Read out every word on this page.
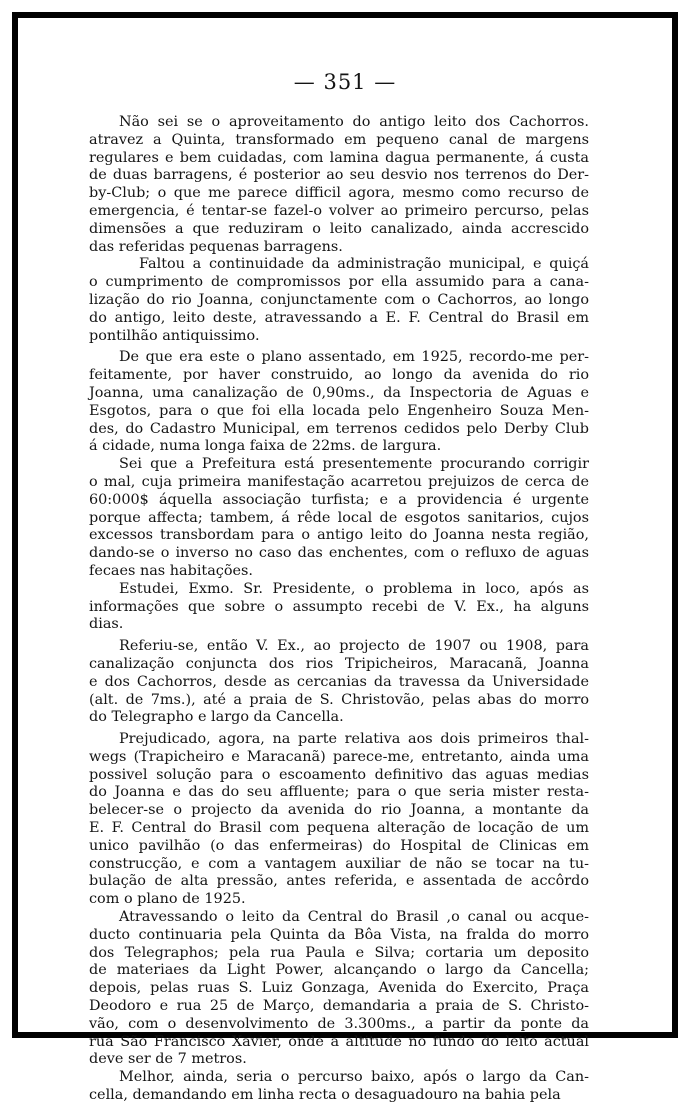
— 351 —
Não sei se o aproveitamento do antigo leito dos Cachorros.
atravez a Quinta, transformado em pequeno canal de margens
regulares e bem cuidadas, com lamina dagua permanente, á custa
de duas barragens, é posterior ao seu desvio nos terrenos do Der-
by-Club; o que me parece difficil agora, mesmo como recurso de
emergencia, é tentar-se fazel-o volver ao primeiro percurso, pelas
dimensões a que reduziram o leito canalizado, ainda accrescido
das referidas pequenas barragens.
Faltou a continuidade da administração municipal, e quiçá
o cumprimento de compromissos por ella assumido para a cana-
lização do rio Joanna, conjunctamente com o Cachorros, ao longo
do antigo, leito deste, atravessando a E. F. Central do Brasil em
pontilhão antiquissimo.
De que era este o plano assentado, em 1925, recordo-me per-
feitamente, por haver construido, ao longo da avenida do rio
Joanna, uma canalização de 0,90ms., da Inspectoria de Aguas e
Esgotos, para o que foi ella locada pelo Engenheiro Souza Men-
des, do Cadastro Municipal, em terrenos cedidos pelo Derby Club
á cidade, numa longa faixa de 22ms. de largura.
Sei que a Prefeitura está presentemente procurando corrigir
o mal, cuja primeira manifestação acarretou prejuizos de cerca de
60:000$ áquella associação turfista; e a providencia é urgente
porque affecta; tambem, á rêde local de esgotos sanitarios, cujos
excessos transbordam para o antigo leito do Joanna nesta região,
dando-se o inverso no caso das enchentes, com o refluxo de aguas
fecaes nas habitações.
Estudei, Exmo. Sr. Presidente, o problema in loco, após as
informações que sobre o assumpto recebi de V. Ex., ha alguns
dias.
Referiu-se, então V. Ex., ao projecto de 1907 ou 1908, para
canalização conjuncta dos rios Tripicheiros, Maracanã, Joanna
e dos Cachorros, desde as cercanias da travessa da Universidade
(alt. de 7ms.), até a praia de S. Christovão, pelas abas do morro
do Telegrapho e largo da Cancella.
Prejudicado, agora, na parte relativa aos dois primeiros thal-
wegs (Trapicheiro e Maracanã) parece-me, entretanto, ainda uma
possivel solução para o escoamento definitivo das aguas medias
do Joanna e das do seu affluente; para o que seria mister resta-
belecer-se o projecto da avenida do rio Joanna, a montante da
E. F. Central do Brasil com pequena alteração de locação de um
unico pavilhão (o das enfermeiras) do Hospital de Clinicas em
construcção, e com a vantagem auxiliar de não se tocar na tu-
bulação de alta pressão, antes referida, e assentada de accôrdo
com o plano de 1925.
Atravessando o leito da Central do Brasil ,o canal ou acque-
ducto continuaria pela Quinta da Bôa Vista, na fralda do morro
dos Telegraphos; pela rua Paula e Silva; cortaria um deposito
de materiaes da Light Power, alcançando o largo da Cancella;
depois, pelas ruas S. Luiz Gonzaga, Avenida do Exercito, Praça
Deodoro e rua 25 de Março, demandaria a praia de S. Christo-
vão, com o desenvolvimento de 3.300ms., a partir da ponte da
rua São Francisco Xavier, onde a altitude no fundo do leito actual
deve ser de 7 metros.
Melhor, ainda, seria o percurso baixo, após o largo da Can-
cella, demandando em linha recta o desaguadouro na bahia pela
